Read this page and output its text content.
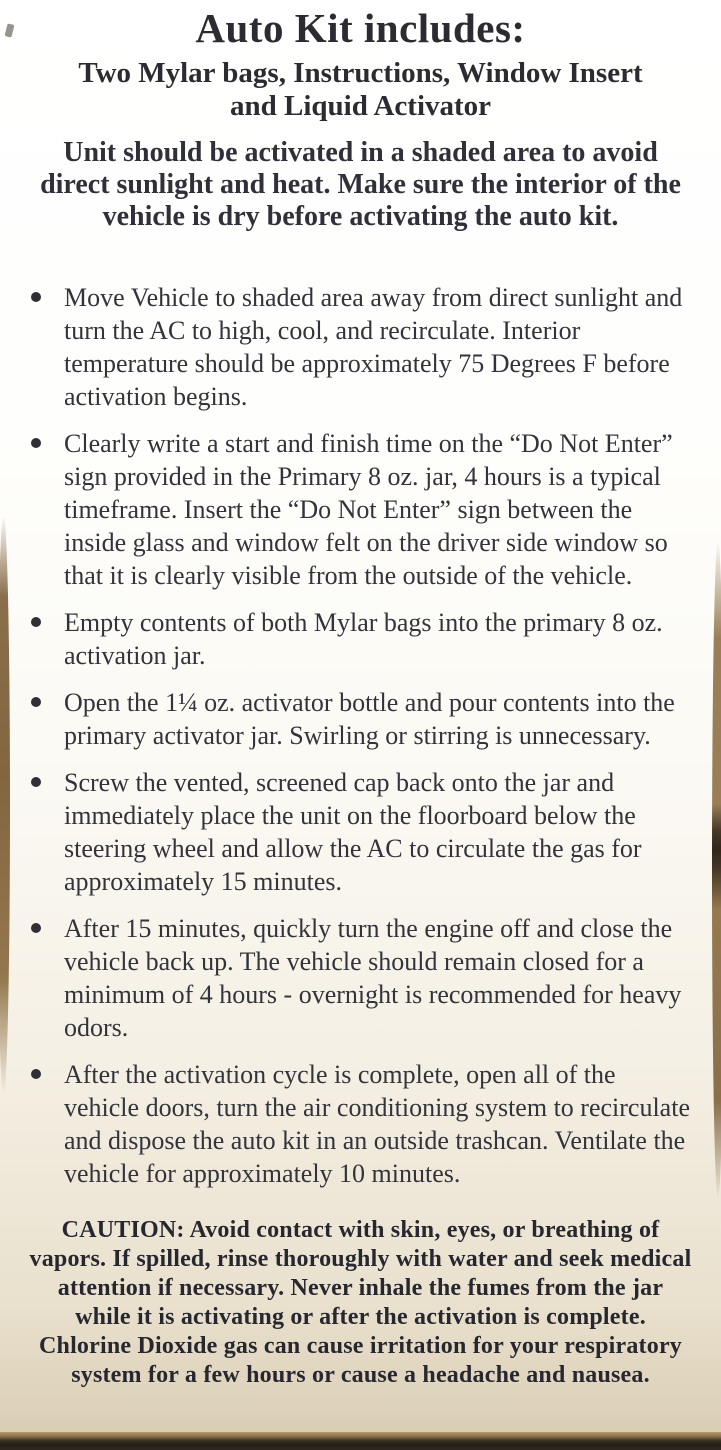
Auto Kit includes:
Two Mylar bags, Instructions, Window Insert and Liquid Activator
Unit should be activated in a shaded area to avoid direct sunlight and heat. Make sure the interior of the vehicle is dry before activating the auto kit.
Move Vehicle to shaded area away from direct sunlight and turn the AC to high, cool, and recirculate. Interior temperature should be approximately 75 Degrees F before activation begins.
Clearly write a start and finish time on the “Do Not Enter” sign provided in the Primary 8 oz. jar, 4 hours is a typical timeframe. Insert the “Do Not Enter” sign between the inside glass and window felt on the driver side window so that it is clearly visible from the outside of the vehicle.
Empty contents of both Mylar bags into the primary 8 oz. activation jar.
Open the 1¼ oz. activator bottle and pour contents into the primary activator jar. Swirling or stirring is unnecessary.
Screw the vented, screened cap back onto the jar and immediately place the unit on the floorboard below the steering wheel and allow the AC to circulate the gas for approximately 15 minutes.
After 15 minutes, quickly turn the engine off and close the vehicle back up. The vehicle should remain closed for a minimum of 4 hours - overnight is recommended for heavy odors.
After the activation cycle is complete, open all of the vehicle doors, turn the air conditioning system to recirculate and dispose the auto kit in an outside trashcan. Ventilate the vehicle for approximately 10 minutes.
CAUTION: Avoid contact with skin, eyes, or breathing of vapors. If spilled, rinse thoroughly with water and seek medical attention if necessary. Never inhale the fumes from the jar while it is activating or after the activation is complete. Chlorine Dioxide gas can cause irritation for your respiratory system for a few hours or cause a headache and nausea.
